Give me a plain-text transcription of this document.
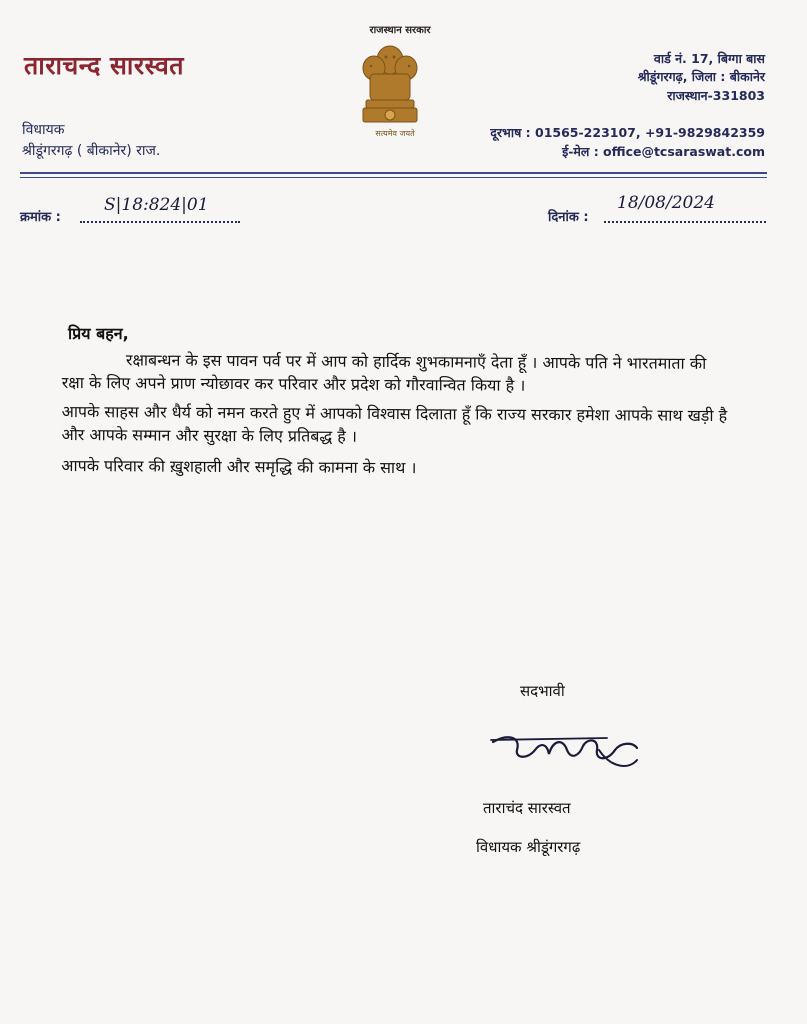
राजस्थान सरकार
सत्यमेव जयते
ताराचन्द सारस्वत
विधायक
श्रीडूंगरगढ़ ( बीकानेर) राज.
वार्ड नं. 17, बिग्गा बास
श्रीडूंगरगढ़, जिला : बीकानेर
राजस्थान-331803
दूरभाष : 01565-223107, +91-9829842359
ई-मेल : office@tcsaraswat.com
क्रमांक :
S|18:824|01
दिनांक :
18/08/2024
प्रिय बहन,

रक्षाबन्धन के इस पावन पर्व पर में आप को हार्दिक शुभकामनाएँ देता हूँ । आपके पति ने भारतमाता की रक्षा के लिए अपने प्राण न्योछावर कर परिवार और प्रदेश को गौरवान्वित किया है ।

आपके साहस और धैर्य को नमन करते हुए में आपको विश्वास दिलाता हूँ कि राज्य सरकार हमेशा आपके साथ खड़ी है और आपके सम्मान और सुरक्षा के लिए प्रतिबद्ध है ।

आपके परिवार की ख़ुशहाली और समृद्धि की कामना के साथ ।

सदभावी
ताराचंद सारस्वत
विधायक श्रीडूंगरगढ़
